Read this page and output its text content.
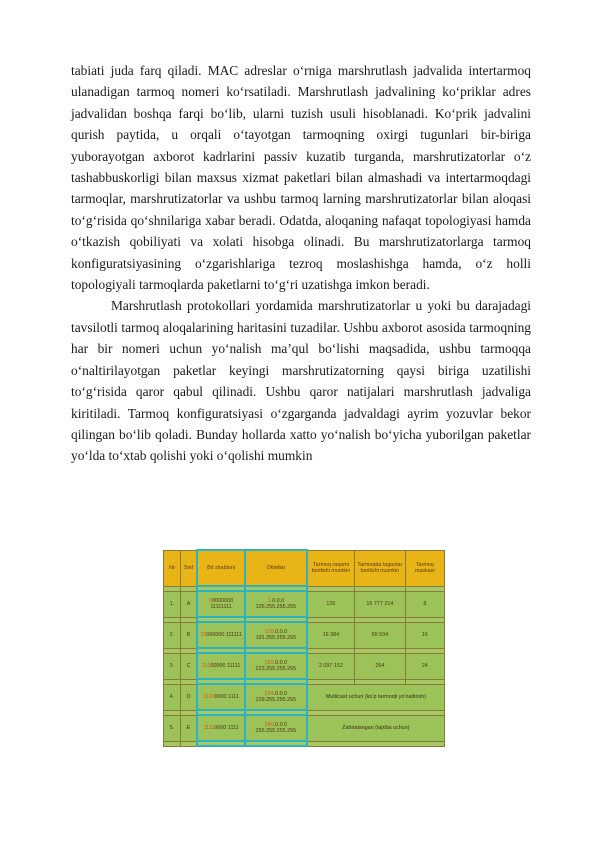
tabiati juda farq qiladi. MAC adreslar o‘rniga marshrutlash jadvalida intertarmoq ulanadigan tarmoq nomeri ko‘rsatiladi. Marshrutlash jadvalining ko‘priklar adres jadvalidan boshqa farqi bo‘lib, ularni tuzish usuli hisoblanadi. Ko‘prik jadvalini qurish paytida, u orqali o‘tayotgan tarmoqning oxirgi tugunlari bir-biriga yuborayotgan axborot kadrlarini passiv kuzatib turganda, marshrutizatorlar o‘z tashabbuskorligi bilan maxsus xizmat paketlari bilan almashadi va intertarmoqdagi tarmoqlar, marshrutizatorlar va ushbu tarmoq larning marshrutizatorlar bilan aloqasi to‘g‘risida qo‘shnilariga xabar beradi. Odatda, aloqaning nafaqat topologiyasi hamda o‘tkazish qobiliyati va xolati hisobga olinadi. Bu marshrutizatorlarga tarmoq konfiguratsiyasining o‘zgarishlariga tezroq moslashishga hamda, o‘z holli topologiyali tarmoqlarda paketlarni to‘g‘ri uzatishga imkon beradi.

Marshrutlash protokollari yordamida marshrutizatorlar u yoki bu darajadagi tavsilotli tarmoq aloqalarining haritasini tuzadilar. Ushbu axborot asosida tarmoqning har bir nomeri uchun yo‘nalish ma’qul bo‘lishi maqsadida, ushbu tarmoqqa o‘naltirilayotgan paketlar keyingi marshrutizatorning qaysi biriga uzatilishi to‘g‘risida qaror qabul qilinadi. Ushbu qaror natijalari marshrutlash jadvaliga kiritiladi. Tarmoq konfiguratsiyasi o‘zgarganda jadvaldagi ayrim yozuvlar bekor qilingan bo‘lib qoladi. Bunday hollarda xatto yo‘nalish bo‘yicha yuborilgan paketlar yo‘lda to‘xtab qolishi yoki o‘qolishi mumkin

№	Sinf	Bit shabloni	Oktetlar	Tarmoq raqami berilishi mumkin	Tarmoqda tugunlar berilishi mumkin	Tarmoq maskasi

1.	A	00000000 11111111	1.0.0.0 126.255.255.255	126	16 777 214	8

2.	B	10000000 111111	128.0.0.0 191.255.255.255	16 384	65 534	16

3.	C	11000000 11111	192.0.0.0 223.255.255.255	2 097 152	254	24

4.	D	11100000 1111	224.0.0.0 239.255.255.255	Multicast uchun (ko‘p tarmoqli yo‘naltirish)		

5.	E	11110000 1111	240.0.0.0 255.255.255.255	Zahiralangan (tajriba uchun)		
